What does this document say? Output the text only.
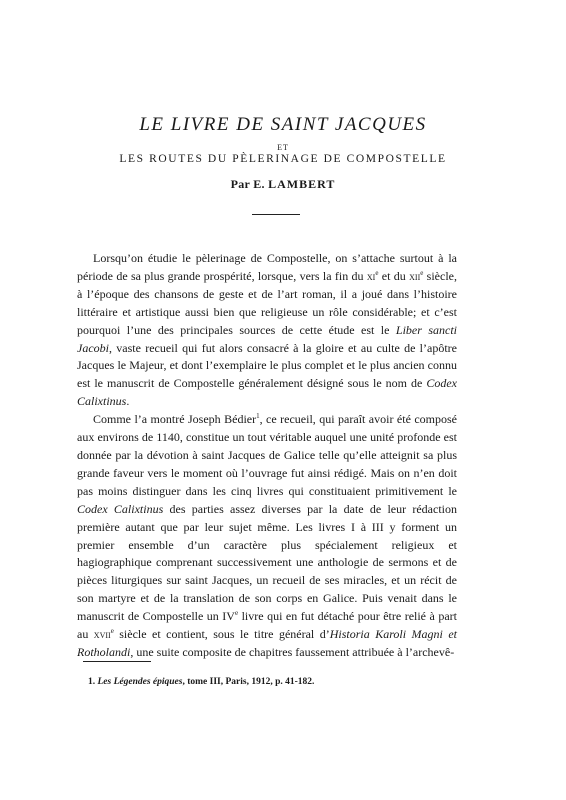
LE LIVRE DE SAINT JACQUES
ET
LES ROUTES DU PÈLERINAGE DE COMPOSTELLE
Par E. LAMBERT

Lorsqu’on étudie le pèlerinage de Compostelle, on s’attache surtout à la période de sa plus grande prospérité, lorsque, vers la fin du $xi^e$ et du xii$^e$ siècle, à l’époque des chansons de geste et de l’art roman, il a joué dans l’histoire littéraire et artistique aussi bien que religieuse un rôle considérable; et c’est pourquoi l’une des principales sources de cette étude est le Liber sancti Jacobi, vaste recueil qui fut alors consacré à la gloire et au culte de l’apôtre Jacques le Majeur, et dont l’exemplaire le plus complet et le plus ancien connu est le manuscrit de Compostelle généralement désigné sous le nom de Codex Calixtinus.

Comme l’a montré Joseph Bédier$^1$, ce recueil, qui paraît avoir été composé aux environs de 1140, constitue un tout véritable auquel une unité profonde est donnée par la dévotion à saint Jacques de Galice telle qu’elle atteignit sa plus grande faveur vers le moment où l’ouvrage fut ainsi rédigé. Mais on n’en doit pas moins distinguer dans les cinq livres qui constituaient primitivement le Codex Calixtinus des parties assez diverses par la date de leur rédaction première autant que par leur sujet même. Les livres I à III y forment un premier ensemble d’un caractère plus spécialement religieux et hagiographique comprenant successivement une anthologie de sermons et de pièces liturgiques sur saint Jacques, un recueil de ses miracles, et un récit de son martyre et de la translation de son corps en Galice. Puis venait dans le manuscrit de Compostelle un IVe livre qui en fut détaché pour être relié à part au xvii$^e$ siècle et contient, sous le titre général d’Historia Karoli Magni et Rotholandi, une suite composite de chapitres faussement attribuée à l’archevê-

1. Les Légendes épiques, tome III, Paris, 1912, p. 41-182.
